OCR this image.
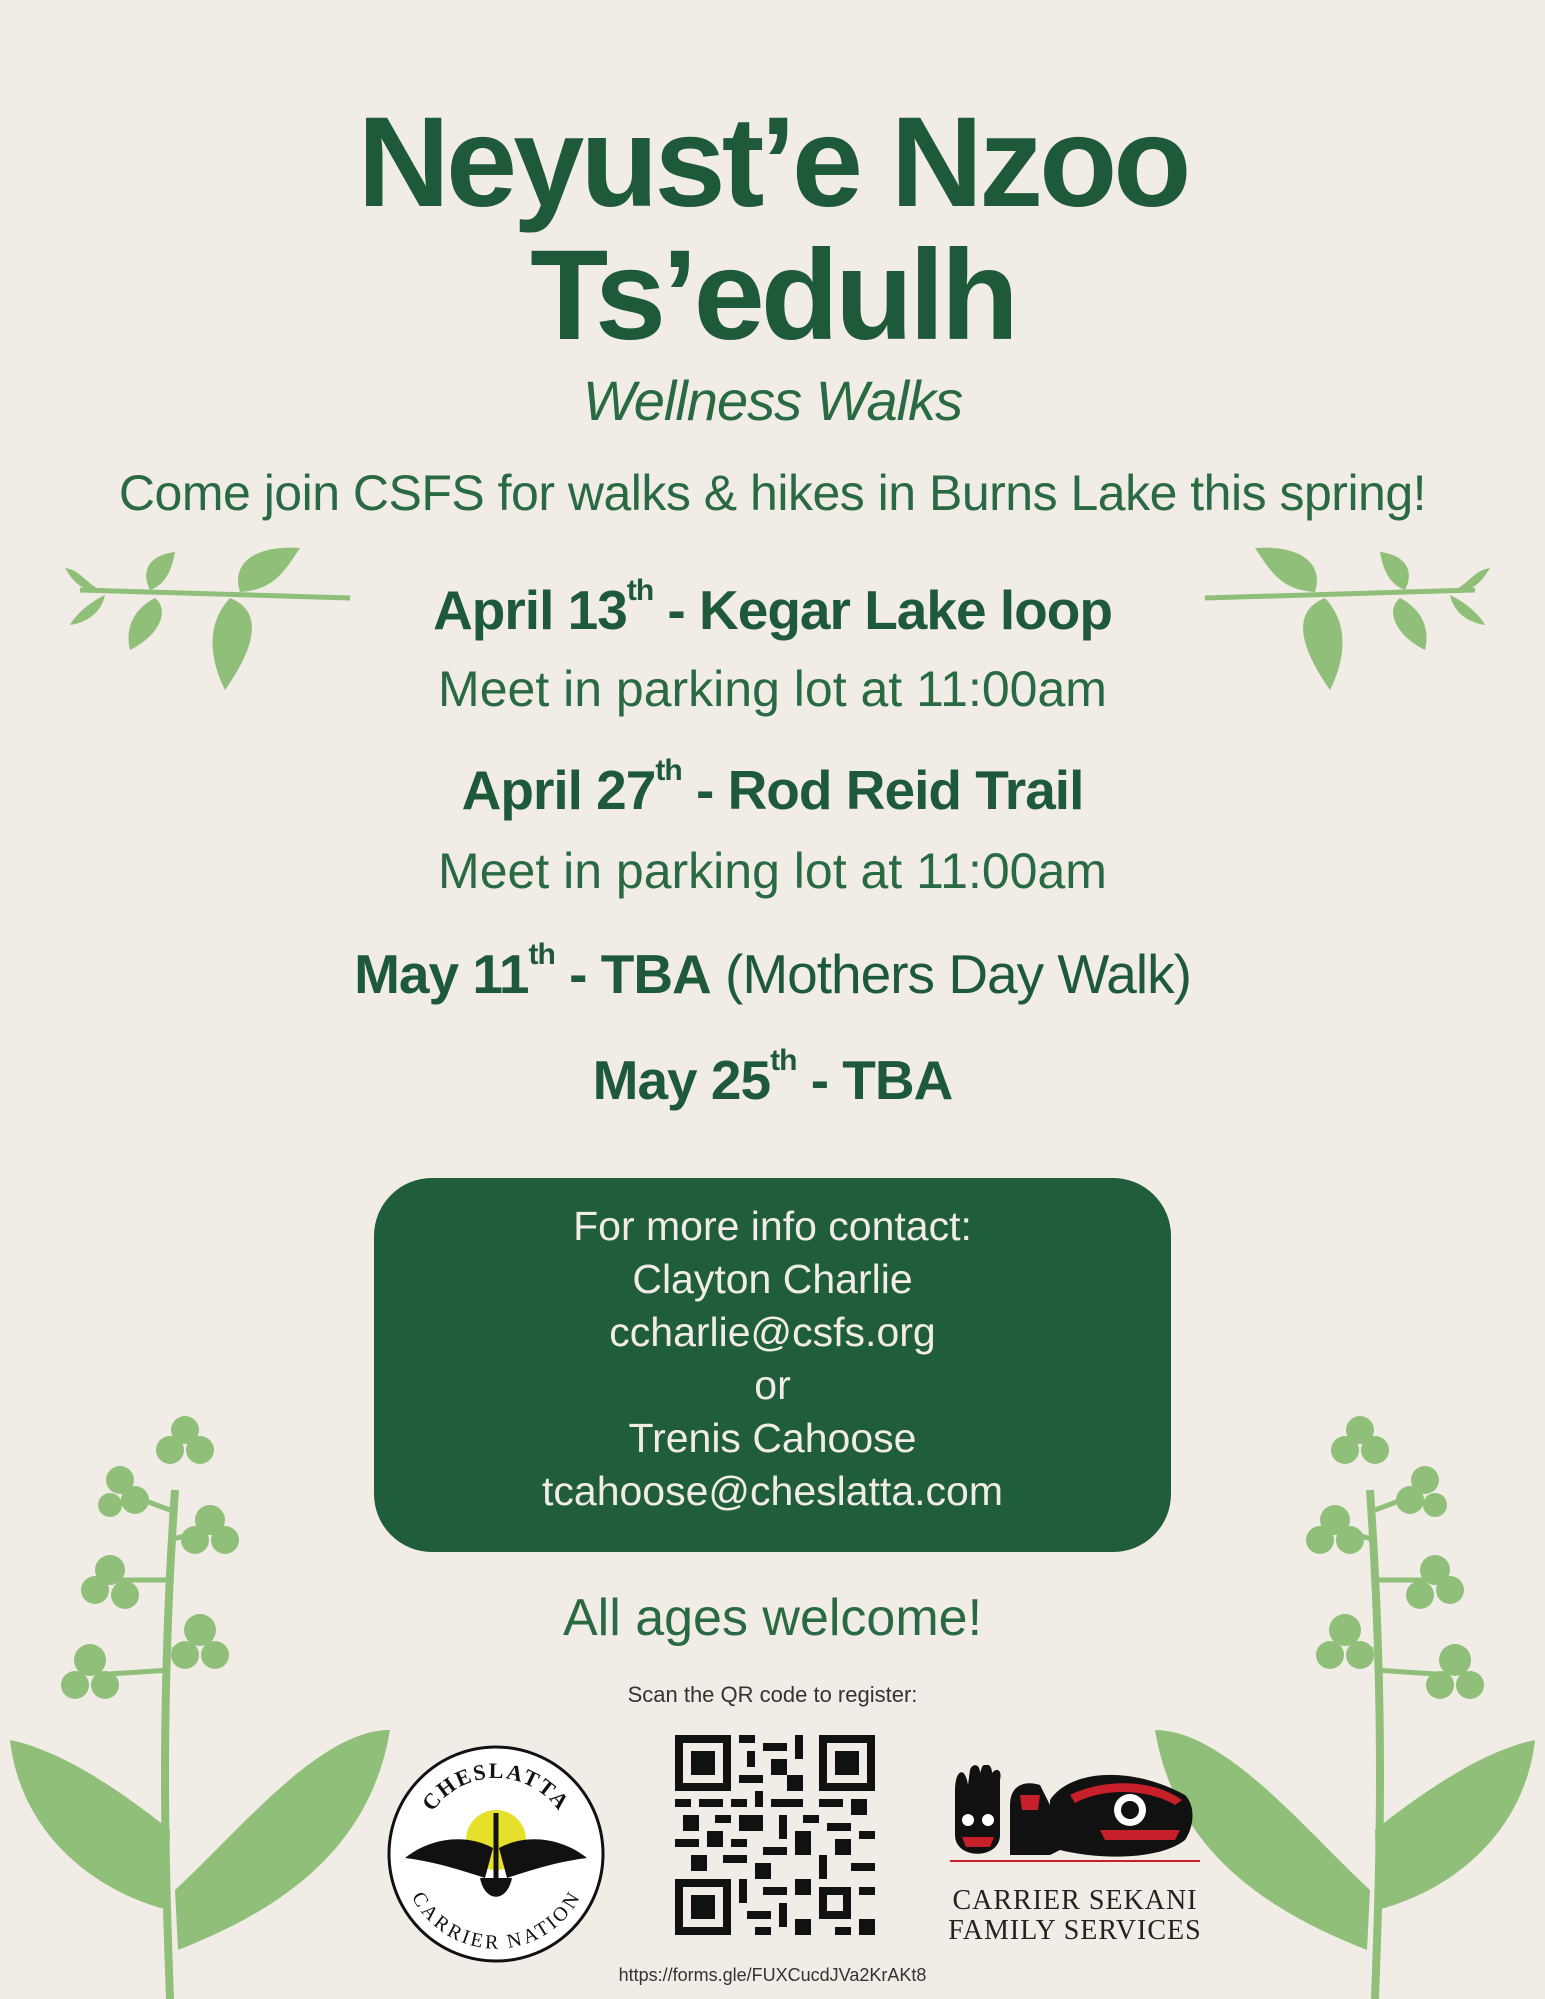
Neyust’e Nzoo
Ts’edulh
Wellness Walks
Come join CSFS for walks & hikes in Burns Lake this spring!
April 13th - Kegar Lake loop
Meet in parking lot at 11:00am
April 27th - Rod Reid Trail
Meet in parking lot at 11:00am
May 11th - TBA (Mothers Day Walk)
May 25th - TBA
For more info contact:
Clayton Charlie
ccharlie@csfs.org
or
Trenis Cahoose
tcahoose@cheslatta.com
All ages welcome!
Scan the QR code to register:
CHESLATTA
CARRIER NATION	CARRIER SEKANI
FAMILY SERVICES
https://forms.gle/FUXCucdJVa2KrAKt8
